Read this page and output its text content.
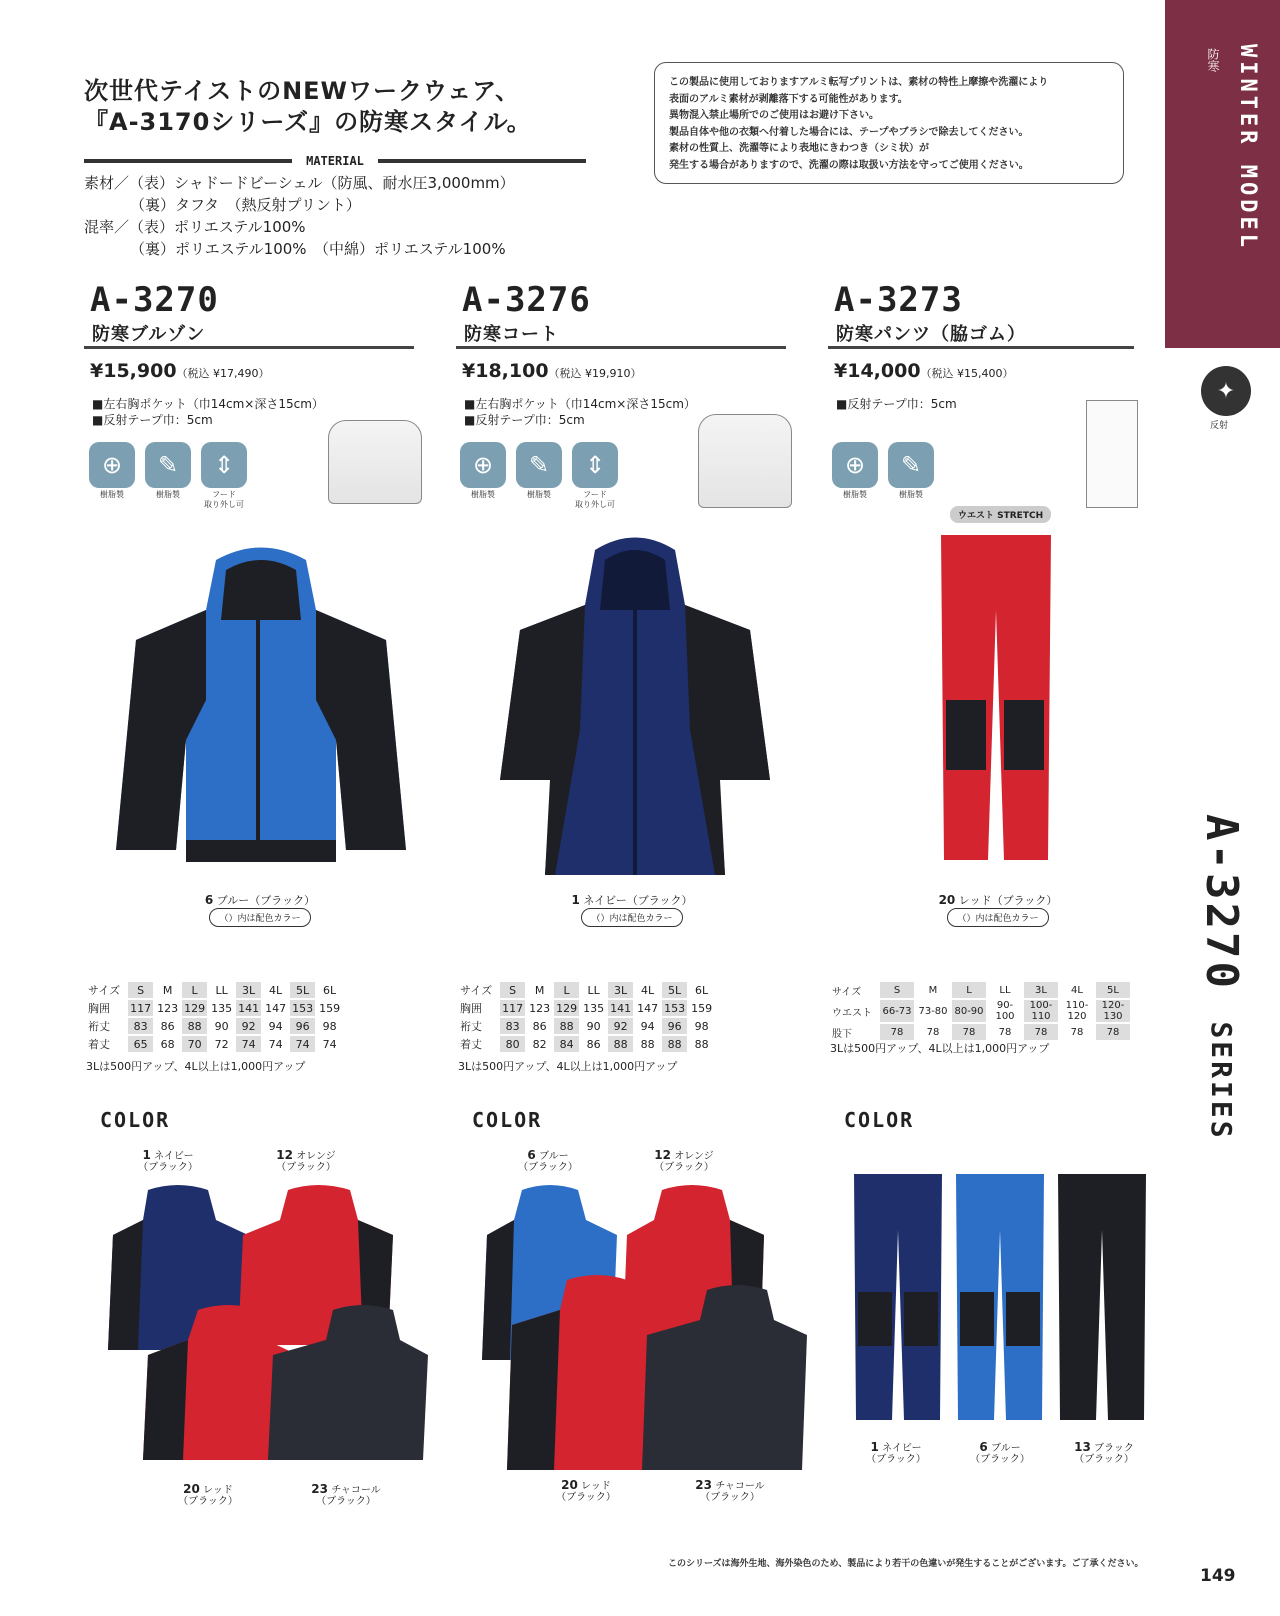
WINTER MODEL
防寒
次世代テイストのNEWワークウェア、
『A-3170シリーズ』の防寒スタイル。
MATERIAL
素材／（表）シャドードビーシェル（防風、耐水圧3,000mm）
（裏）タフタ　（熱反射プリント）
混率／（表）ポリエステル100%
（裏）ポリエステル100%　（中綿）ポリエステル100%
この製品に使用しておりますアルミ転写プリントは、素材の特性上摩擦や洗濯により
表面のアルミ素材が剥離落下する可能性があります。
異物混入禁止場所でのご使用はお避け下さい。
製品自体や他の衣類へ付着した場合には、テープやブラシで除去してください。
素材の性質上、洗濯等により表地にきわつき（シミ状）が
発生する場合がありますので、洗濯の際は取扱い方法を守ってご使用ください。
✦
反射
A-3270
防寒ブルゾン
¥15,900（税込 ¥17,490）
■左右胸ポケット（巾14cm×深さ15cm）
■反射テープ巾：5cm
⊕	✎	⇕
樹脂製	樹脂製	フード
取り外し可
A-3276
防寒コート
¥18,100（税込 ¥19,910）
■左右胸ポケット（巾14cm×深さ15cm）
■反射テープ巾：5cm
⊕	✎	⇕
樹脂製	樹脂製	フード
取り外し可
A-3273
防寒パンツ（脇ゴム）
¥14,000（税込 ¥15,400）
■反射テープ巾：5cm
⊕	✎
樹脂製	樹脂製
ウエスト STRETCH
6 ブルー（ブラック）
（）内は配色カラー
1 ネイビー（ブラック）
（）内は配色カラー
20 レッド（ブラック）
（）内は配色カラー
サイズ	S	M	L	LL	3L	4L	5L	6L
胸囲	117	123	129	135	141	147	153	159
裄丈	83	86	88	90	92	94	96	98
着丈	65	68	70	72	74	74	74	74
3Lは500円アップ、4L以上は1,000円アップ
サイズ	S	M	L	LL	3L	4L	5L	6L
胸囲	117	123	129	135	141	147	153	159
裄丈	83	86	88	90	92	94	96	98
着丈	80	82	84	86	88	88	88	88
3Lは500円アップ、4L以上は1,000円アップ
サイズ	S	M	L	LL	3L	4L	5L
ウエスト	66-73	73-80	80-90	90-100	100-110	110-120	120-130
股下	78	78	78	78	78	78	78
3Lは500円アップ、4L以上は1,000円アップ
COLOR	COLOR	COLOR
1 ネイビー
（ブラック）
12 オレンジ
（ブラック）
20 レッド
（ブラック）
23 チャコール
（ブラック）
6 ブルー
（ブラック）
12 オレンジ
（ブラック）
20 レッド
（ブラック）
23 チャコール
（ブラック）
1 ネイビー
（ブラック）
6 ブルー
（ブラック）
13 ブラック
（ブラック）
A-3270 SERIES
このシリーズは海外生地、海外染色のため、製品により若干の色違いが発生することがございます。ご了承ください。
149
